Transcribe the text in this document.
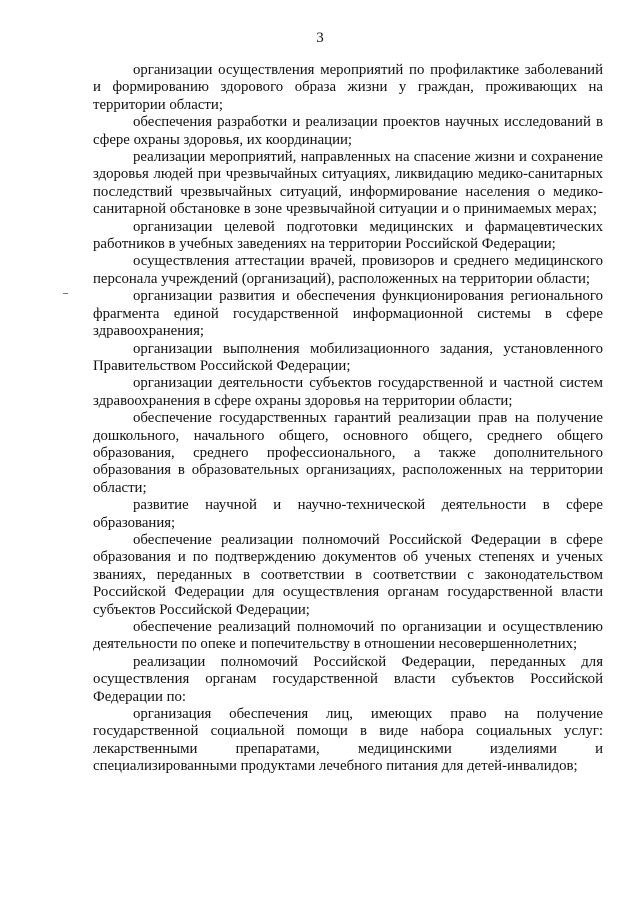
3

организации осуществления мероприятий по профилактике заболеваний и формированию здорового образа жизни у граждан, проживающих на территории области;

обеспечения разработки и реализации проектов научных исследований в сфере охраны здоровья, их координации;

реализации мероприятий, направленных на спасение жизни и сохранение здоровья людей при чрезвычайных ситуациях, ликвидацию медико-санитарных последствий чрезвычайных ситуаций, информирование населения о медико-санитарной обстановке в зоне чрезвычайной ситуации и о принимаемых мерах;

организации целевой подготовки медицинских и фармацевтических работников в учебных заведениях на территории Российской Федерации;

осуществления аттестации врачей, провизоров и среднего медицинского персонала учреждений (организаций), расположенных на территории области;

организации развития и обеспечения функционирования регионального фрагмента единой государственной информационной системы в сфере здравоохранения;

организации выполнения мобилизационного задания, установленного Правительством Российской Федерации;

организации деятельности субъектов государственной и частной систем здравоохранения в сфере охраны здоровья на территории области;

обеспечение государственных гарантий реализации прав на получение дошкольного, начального общего, основного общего, среднего общего образования, среднего профессионального, а также дополнительного образования в образовательных организациях, расположенных на территории области;

развитие научной и научно-технической деятельности в сфере образования;

обеспечение реализации полномочий Российской Федерации в сфере образования и по подтверждению документов об ученых степенях и ученых званиях, переданных в соответствии в соответствии с законодательством Российской Федерации для осуществления органам государственной власти субъектов Российской Федерации;

обеспечение реализаций полномочий по организации и осуществлению деятельности по опеке и попечительству в отношении несовершеннолетних;

реализации полномочий Российской Федерации, переданных для осуществления органам государственной власти субъектов Российской Федерации по:

организация обеспечения лиц, имеющих право на получение государственной социальной помощи в виде набора социальных услуг: лекарственными препаратами, медицинскими изделиями и специализированными продуктами лечебного питания для детей-инвалидов;
